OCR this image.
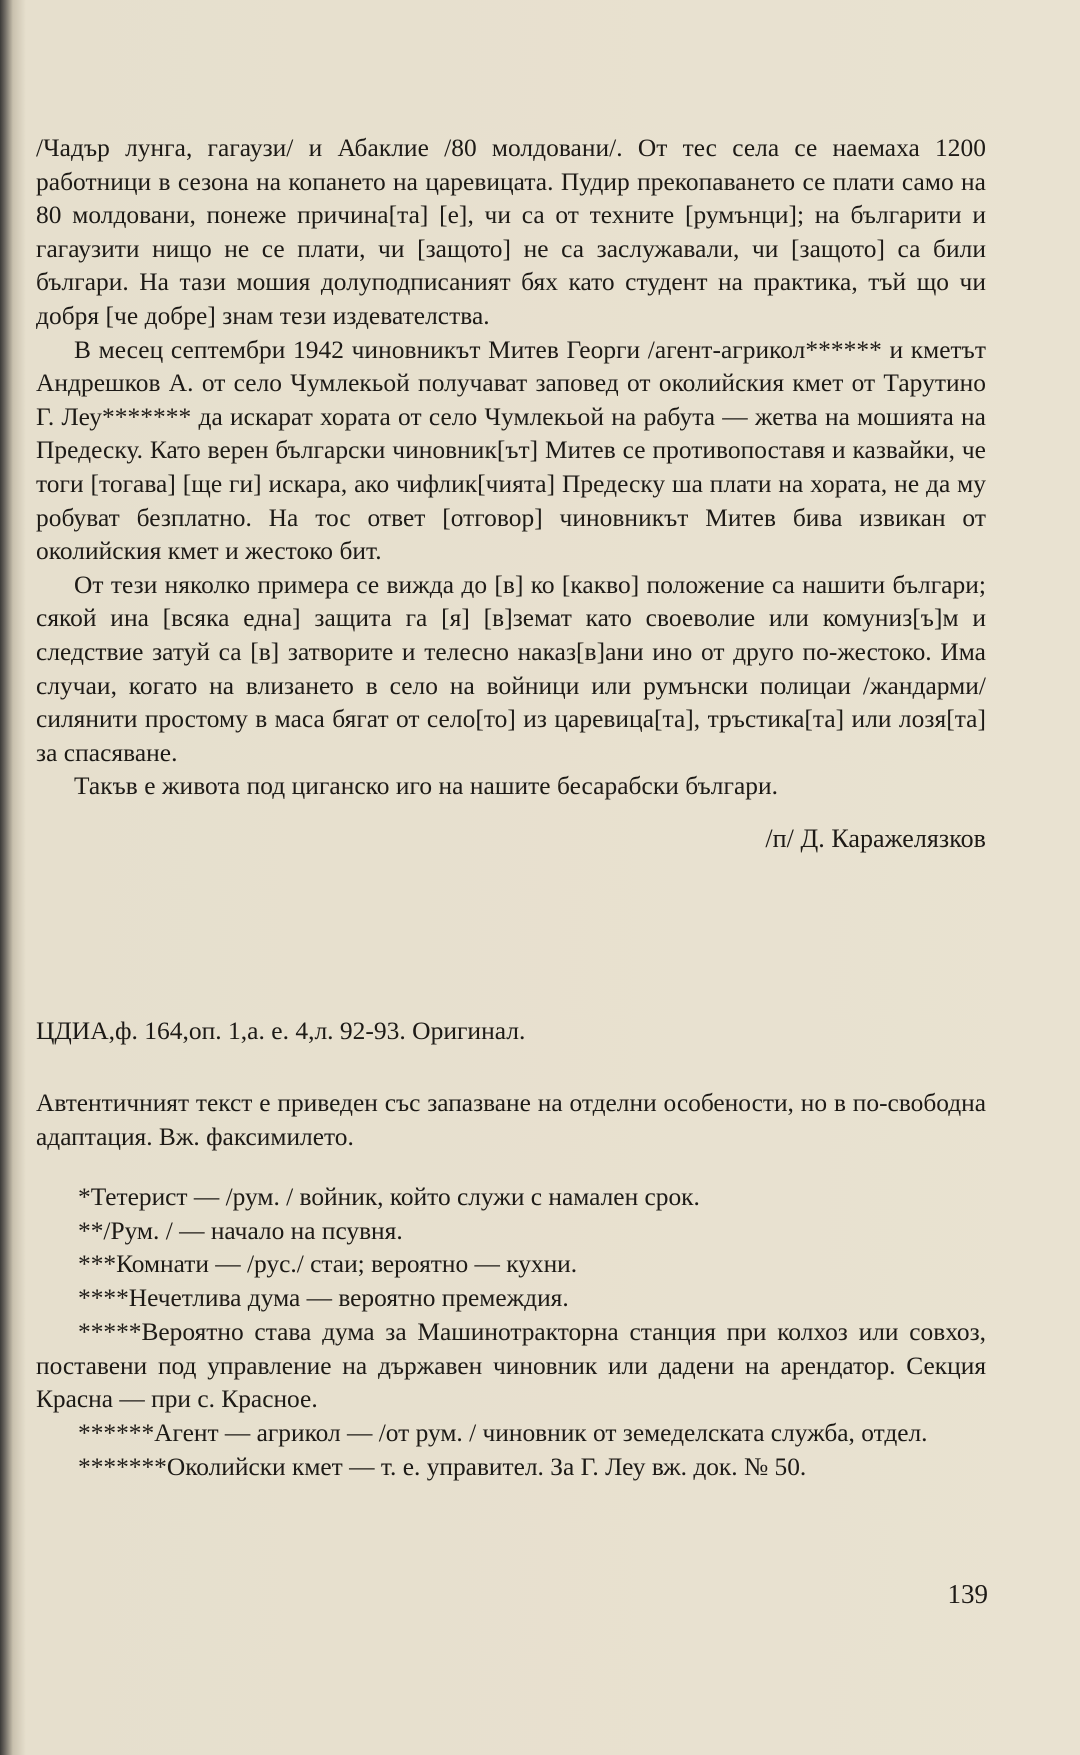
/Чадър лунга, гагаузи/ и Абаклие /80 молдовани/. От тес села се наемаха 1200 работници в сезона на копането на царевицата. Пудир прекопаването се плати само на 80 молдовани, понеже причина[та] [е], чи са от техните [румънци]; на българити и гагаузити нищо не се плати, чи [защото] не са заслужавали, чи [защото] са били българи. На тази мошия долуподписаният бях като студент на практика, тъй що чи добря [че добре] знам тези издевателства.

В месец септембри 1942 чиновникът Митев Георги /агент-агрикол****** и кметът Андрешков А. от село Чумлекьой получават заповед от околийския кмет от Тарутино Г. Леу******* да искарат хората от село Чумлекьой на рабута — жетва на мошията на Предеску. Като верен български чиновник[ът] Митев се противопоставя и казвайки, че тоги [тогава] [ще ги] искара, ако чифлик[чията] Предеску ша плати на хората, не да му робуват безплатно. На тос ответ [отговор] чиновникът Митев бива извикан от околийския кмет и жестоко бит.

От тези няколко примера се вижда до [в] ко [какво] положение са нашити българи; сякой ина [всяка една] защита га [я] [в]земат като своеволие или комуниз[ъ]м и следствие затуй са [в] затворите и телесно наказ[в]ани ино от друго по-жестоко. Има случаи, когато на влизането в село на войници или румънски полицаи /жандарми/ силянити простому в маса бягат от село[то] из царевица[та], тръстика[та] или лозя[та] за спасяване.

Такъв е живота под циганско иго на нашите бесарабски българи.

/п/ Д. Каражелязков

ЦДИА,ф. 164,оп. 1,а. е. 4,л. 92-93. Оригинал.
Автентичният текст е приведен със запазване на отделни особености, но в по-свободна адаптация. Вж. факсимилето.

*Тетерист — /рум. / войник, който служи с намален срок.

**/Рум. / — начало на псувня.

***Комнати — /рус./ стаи; вероятно — кухни.

****Нечетлива дума — вероятно премеждия.

*****Вероятно става дума за Машинотракторна станция при колхоз или совхоз, поставени под управление на държавен чиновник или дадени на арендатор. Секция Красна — при с. Красное.

******Агент — агрикол — /от рум. / чиновник от земеделската служба, отдел.

*******Околийски кмет — т. е. управител. За Г. Леу вж. док. № 50.

139
